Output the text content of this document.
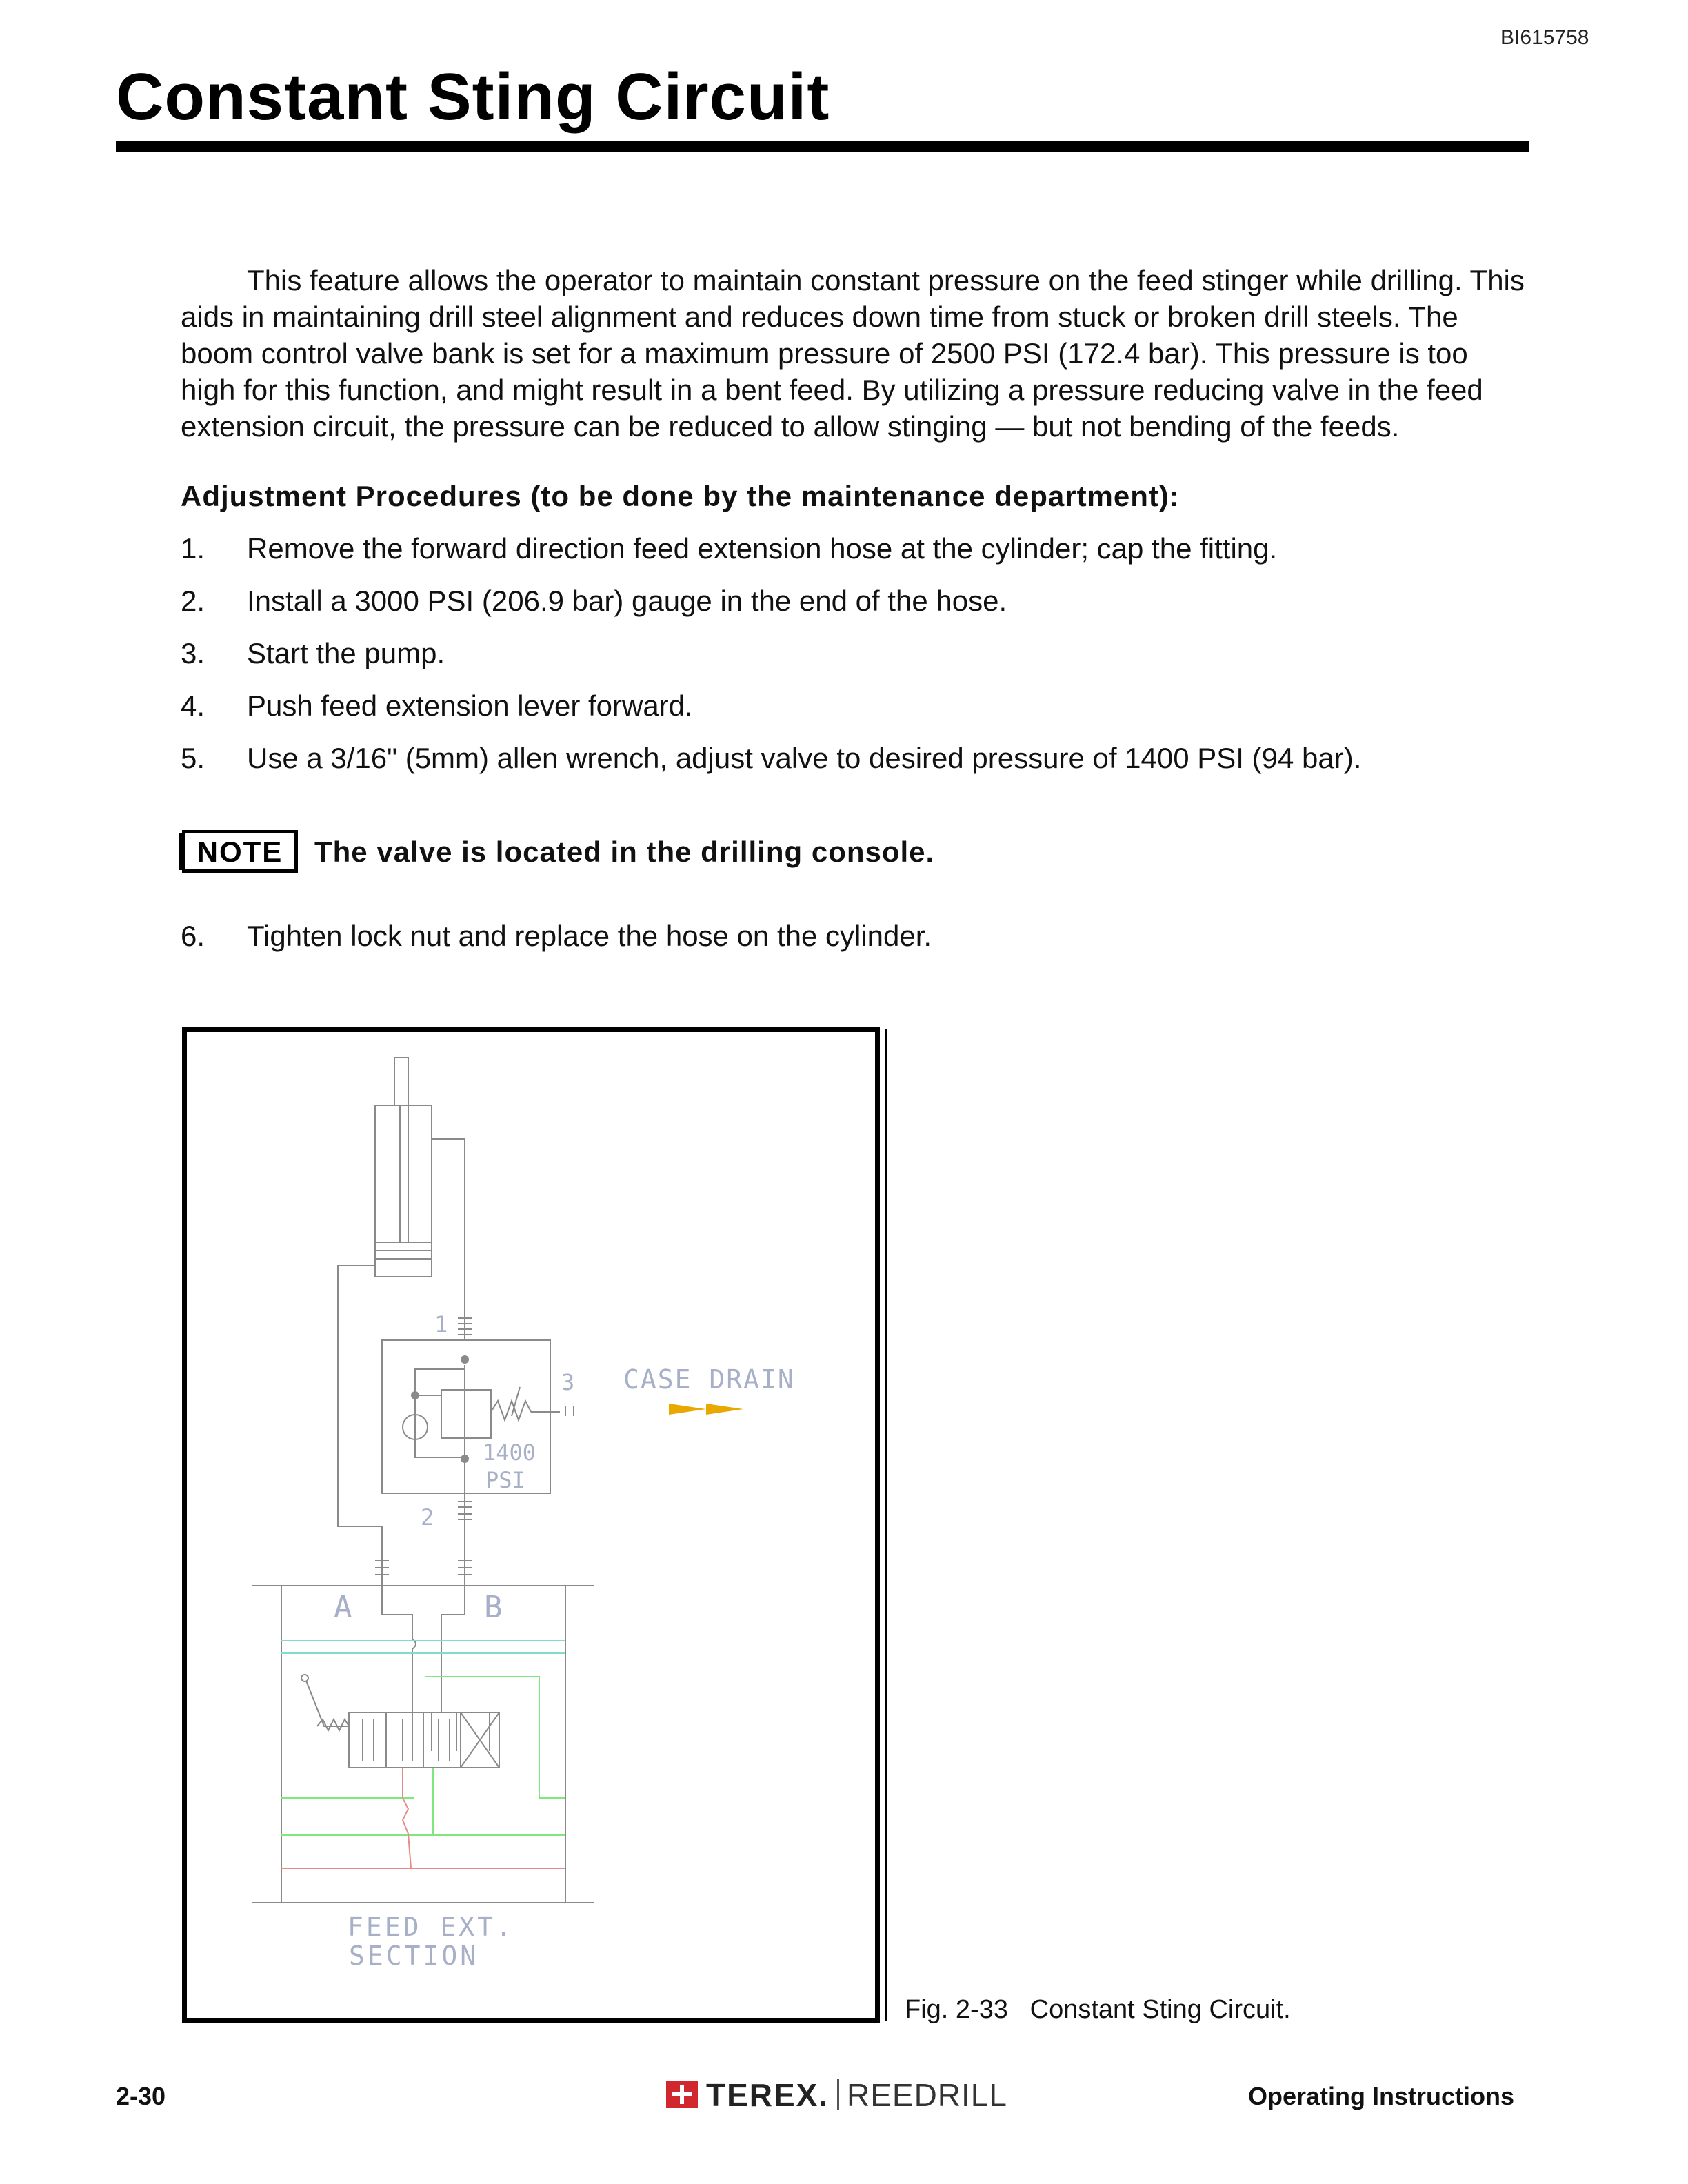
BI615758
Constant Sting Circuit

This feature allows the operator to maintain constant pressure on the feed stinger while drilling. This aids in maintaining drill steel alignment and reduces down time from stuck or broken drill steels. The boom control valve bank is set for a maximum pressure of 2500 PSI (172.4 bar). This pressure is too high for this function, and might result in a bent feed. By utilizing a pressure reducing valve in the feed extension circuit, the pressure can be reduced to allow stinging — but not bending of the feeds.

Adjustment Procedures (to be done by the maintenance department):
1.	Remove the forward direction feed extension hose at the cylinder; cap the fitting.
2.	Install a 3000 PSI (206.9 bar) gauge in the end of the hose.
3.	Start the pump.
4.	Push feed extension lever forward.
5.	Use a 3/16" (5mm) allen wrench, adjust valve to desired pressure of 1400 PSI (94 bar).
NOTE	The valve is located in the drilling console.
6.	Tighten lock nut and replace the hose on the cylinder.
1
3 CASE DRAIN
1400
PSI
2
A	B
FEED EXT.
SECTION
Fig. 2-33   Constant Sting Circuit.
2-30	TEREX. REEDRILL	Operating Instructions
